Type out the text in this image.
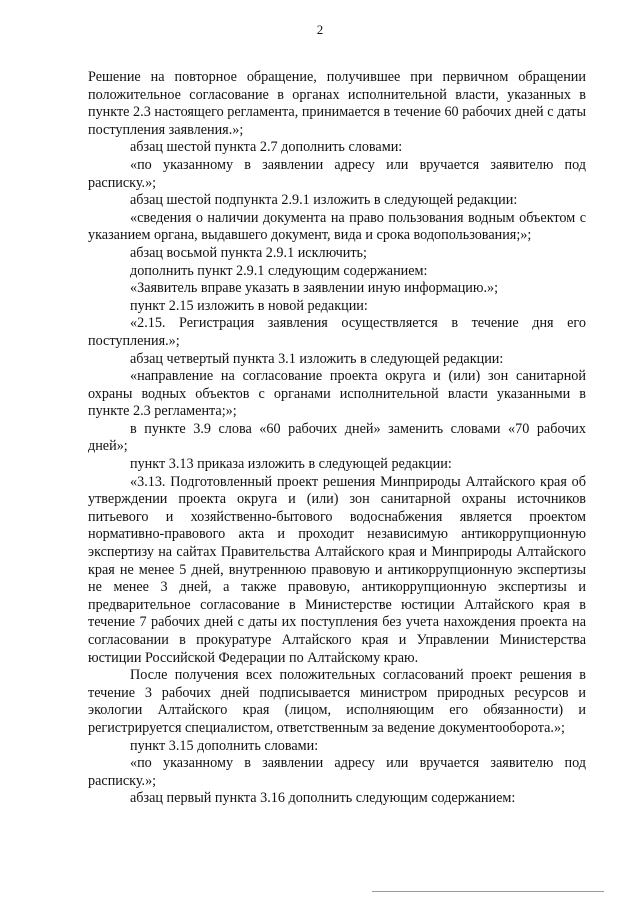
2

Решение на повторное обращение, получившее при первичном обращении положительное согласование в органах исполнительной власти, указанных в пункте 2.3 настоящего регламента, принимается в течение 60 рабочих дней с даты поступления заявления.»;

абзац шестой пункта 2.7 дополнить словами:

«по указанному в заявлении адресу или вручается заявителю под расписку.»;

абзац шестой подпункта 2.9.1 изложить в следующей редакции:

«сведения о наличии документа на право пользования водным объектом с указанием органа, выдавшего документ, вида и срока водопользования;»;

абзац восьмой пункта 2.9.1 исключить;

дополнить пункт 2.9.1 следующим содержанием:

«Заявитель вправе указать в заявлении иную информацию.»;

пункт 2.15 изложить в новой редакции:

«2.15. Регистрация заявления осуществляется в течение дня его поступления.»;

абзац четвертый пункта 3.1 изложить в следующей редакции:

«направление на согласование проекта округа и (или) зон санитарной охраны водных объектов с органами исполнительной власти указанными в пункте 2.3 регламента;»;

в пункте 3.9 слова «60 рабочих дней» заменить словами «70 рабочих дней»;

пункт 3.13 приказа изложить в следующей редакции:

«3.13. Подготовленный проект решения Минприроды Алтайского края об утверждении проекта округа и (или) зон санитарной охраны источников питьевого и хозяйственно-бытового водоснабжения является проектом нормативно-правового акта и проходит независимую антикоррупционную экспертизу на сайтах Правительства Алтайского края и Минприроды Алтайского края не менее 5 дней, внутреннюю правовую и антикоррупционную экспертизы не менее 3 дней, а также правовую, антикоррупционную экспертизы и предварительное согласование в Министерстве юстиции Алтайского края в течение 7 рабочих дней с даты их поступления без учета нахождения проекта на согласовании в прокуратуре Алтайского края и Управлении Министерства юстиции Российской Федерации по Алтайскому краю.

После получения всех положительных согласований проект решения в течение 3 рабочих дней подписывается министром природных ресурсов и экологии Алтайского края (лицом, исполняющим его обязанности) и регистрируется специалистом, ответственным за ведение документооборота.»;

пункт 3.15 дополнить словами:

«по указанному в заявлении адресу или вручается заявителю под расписку.»;

абзац первый пункта 3.16 дополнить следующим содержанием:
